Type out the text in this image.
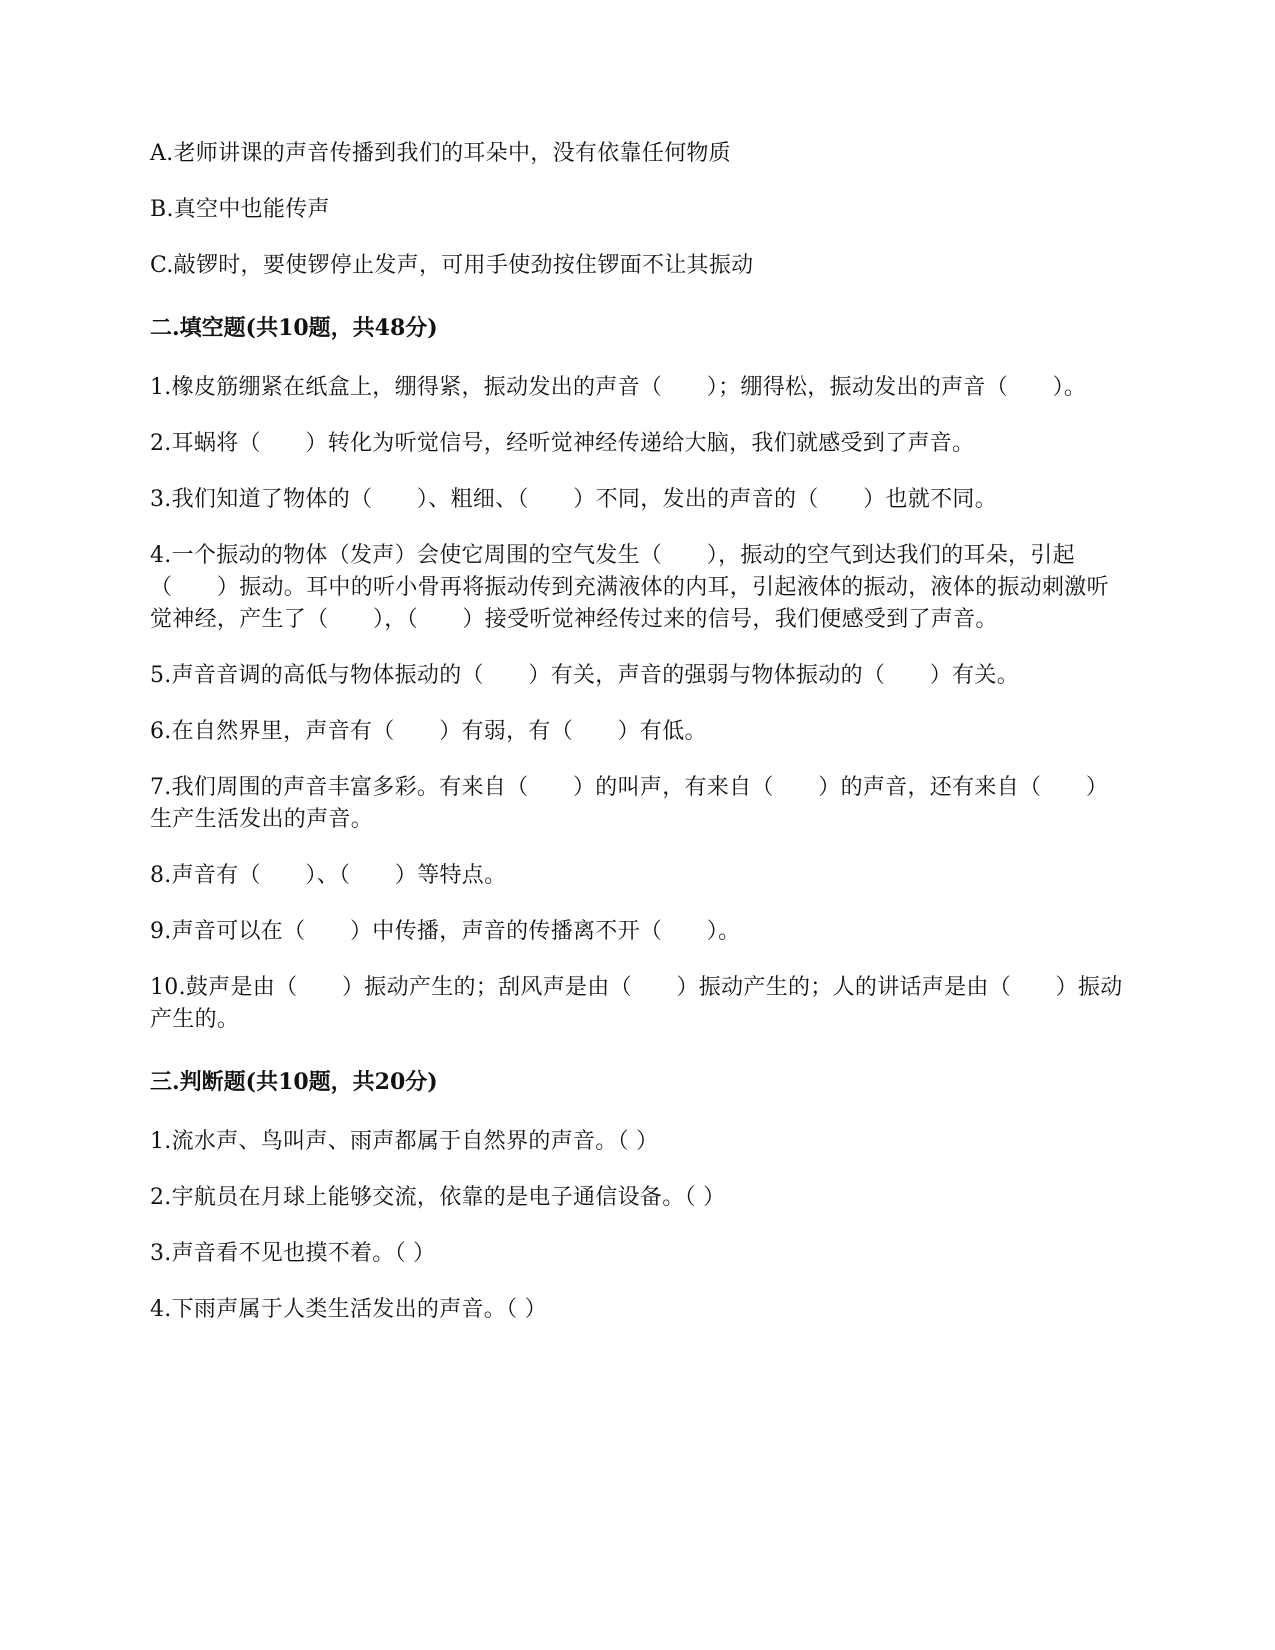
A.老师讲课的声音传播到我们的耳朵中，没有依靠任何物质

B.真空中也能传声

C.敲锣时，要使锣停止发声，可用手使劲按住锣面不让其振动

二.填空题(共10题，共48分)

1.橡皮筋绷紧在纸盒上，绷得紧，振动发出的声音（　　）；绷得松，振动发出的声音（　　）。

2.耳蜗将（　　）转化为听觉信号，经听觉神经传递给大脑，我们就感受到了声音。

3.我们知道了物体的（　　）、粗细、（　　）不同，发出的声音的（　　）也就不同。

4.一个振动的物体（发声）会使它周围的空气发生（　　），振动的空气到达我们的耳朵，引起（　　）振动。耳中的听小骨再将振动传到充满液体的内耳，引起液体的振动，液体的振动刺激听觉神经，产生了（　　），（　　）接受听觉神经传过来的信号，我们便感受到了声音。

5.声音音调的高低与物体振动的（　　）有关，声音的强弱与物体振动的（　　）有关。

6.在自然界里，声音有（　　）有弱，有（　　）有低。

7.我们周围的声音丰富多彩。有来自（　　）的叫声，有来自（　　）的声音，还有来自（　　）生产生活发出的声音。

8.声音有（　　）、（　　）等特点。

9.声音可以在（　　）中传播，声音的传播离不开（　　）。

10.鼓声是由（　　）振动产生的；刮风声是由（　　）振动产生的；人的讲话声是由（　　）振动产生的。

三.判断题(共10题，共20分)

1.流水声、鸟叫声、雨声都属于自然界的声音。（ ）

2.宇航员在月球上能够交流，依靠的是电子通信设备。（ ）

3.声音看不见也摸不着。（ ）

4.下雨声属于人类生活发出的声音。（ ）
